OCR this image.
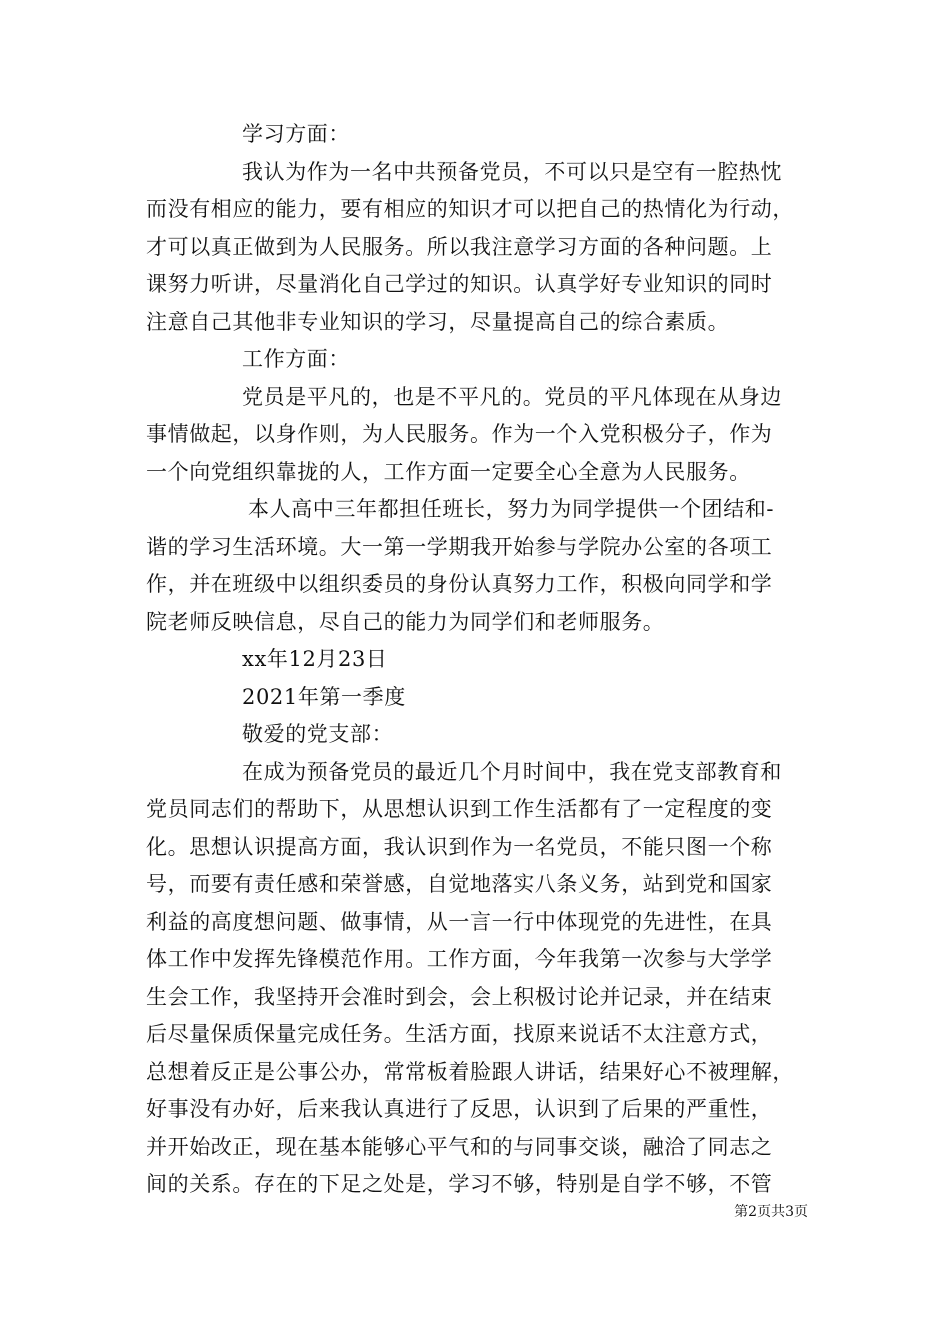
学习方面：
我认为作为一名中共预备党员，不可以只是空有一腔热忱
而没有相应的能力，要有相应的知识才可以把自己的热情化为行动，
才可以真正做到为人民服务。所以我注意学习方面的各种问题。上
课努力听讲，尽量消化自己学过的知识。认真学好专业知识的同时
注意自己其他非专业知识的学习，尽量提高自己的综合素质。
工作方面：
党员是平凡的，也是不平凡的。党员的平凡体现在从身边
事情做起，以身作则，为人民服务。作为一个入党积极分子，作为
一个向党组织靠拢的人，工作方面一定要全心全意为人民服务。
本人高中三年都担任班长，努力为同学提供一个团结和-
谐的学习生活环境。大一第一学期我开始参与学院办公室的各项工
作，并在班级中以组织委员的身份认真努力工作，积极向同学和学
院老师反映信息，尽自己的能力为同学们和老师服务。
xx年12月23日
2021年第一季度
敬爱的党支部：
在成为预备党员的最近几个月时间中，我在党支部教育和
党员同志们的帮助下，从思想认识到工作生活都有了一定程度的变
化。思想认识提高方面，我认识到作为一名党员，不能只图一个称
号，而要有责任感和荣誉感，自觉地落实八条义务，站到党和国家
利益的高度想问题、做事情，从一言一行中体现党的先进性，在具
体工作中发挥先锋模范作用。工作方面，今年我第一次参与大学学
生会工作，我坚持开会准时到会，会上积极讨论并记录，并在结束
后尽量保质保量完成任务。生活方面，找原来说话不太注意方式，
总想着反正是公事公办，常常板着脸跟人讲话，结果好心不被理解，
好事没有办好，后来我认真进行了反思，认识到了后果的严重性，
并开始改正，现在基本能够心平气和的与同事交谈，融洽了同志之
间的关系。存在的下足之处是，学习不够，特别是自学不够，不管
第2页共3页
